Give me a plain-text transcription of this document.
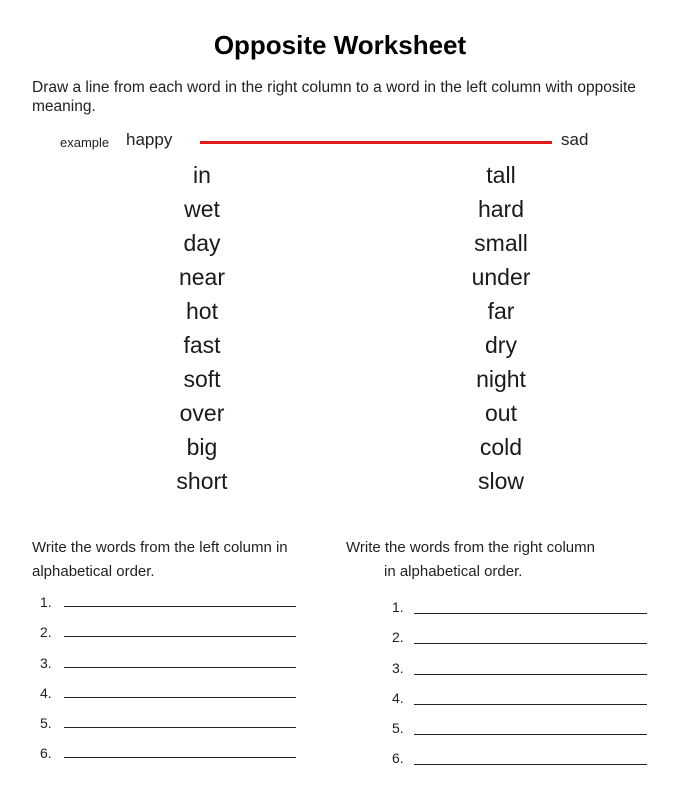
Opposite Worksheet
Draw a line from each word in the right column to a word in the left column with opposite meaning.
example happy	sad
in
wet
day
near
hot
fast
soft
over
big
short
tall
hard
small
under
far
dry
night
out
cold
slow
Write the words from the left column in
alphabetical order.
Write the words from the right column
in alphabetical order.
1.
2.
3.
4.
5.
6.
1.
2.
3.
4.
5.
6.
